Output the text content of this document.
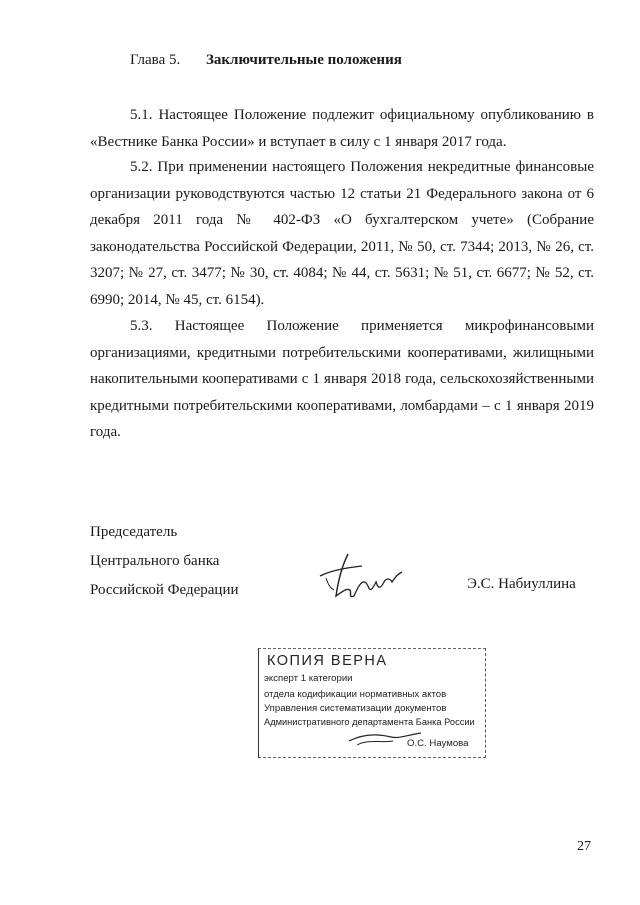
Глава 5. Заключительные положения
5.1. Настоящее Положение подлежит официальному опубликованию в «Вестнике Банка России» и вступает в силу с 1 января 2017 года.
5.2. При применении настоящего Положения некредитные финансовые организации руководствуются частью 12 статьи 21 Федерального закона от 6 декабря 2011 года № 402-ФЗ «О бухгалтерском учете» (Собрание законодательства Российской Федерации, 2011, № 50, ст. 7344; 2013, № 26, ст. 3207; № 27, ст. 3477; № 30, ст. 4084; № 44, ст. 5631; № 51, ст. 6677; № 52, ст. 6990; 2014, № 45, ст. 6154).
5.3. Настоящее Положение применяется микрофинансовыми организациями, кредитными потребительскими кооперативами, жилищными накопительными кооперативами с 1 января 2018 года, сельскохозяйственными кредитными потребительскими кооперативами, ломбардами – с 1 января 2019 года.
Председатель
Центрального банка
Российской Федерации	Э.С. Набиуллина
КОПИЯ ВЕРНА
эксперт 1 категории
отдела кодификации нормативных актов
Управления систематизации документов
Административного департамента Банка России
О.С. Наумова
27
